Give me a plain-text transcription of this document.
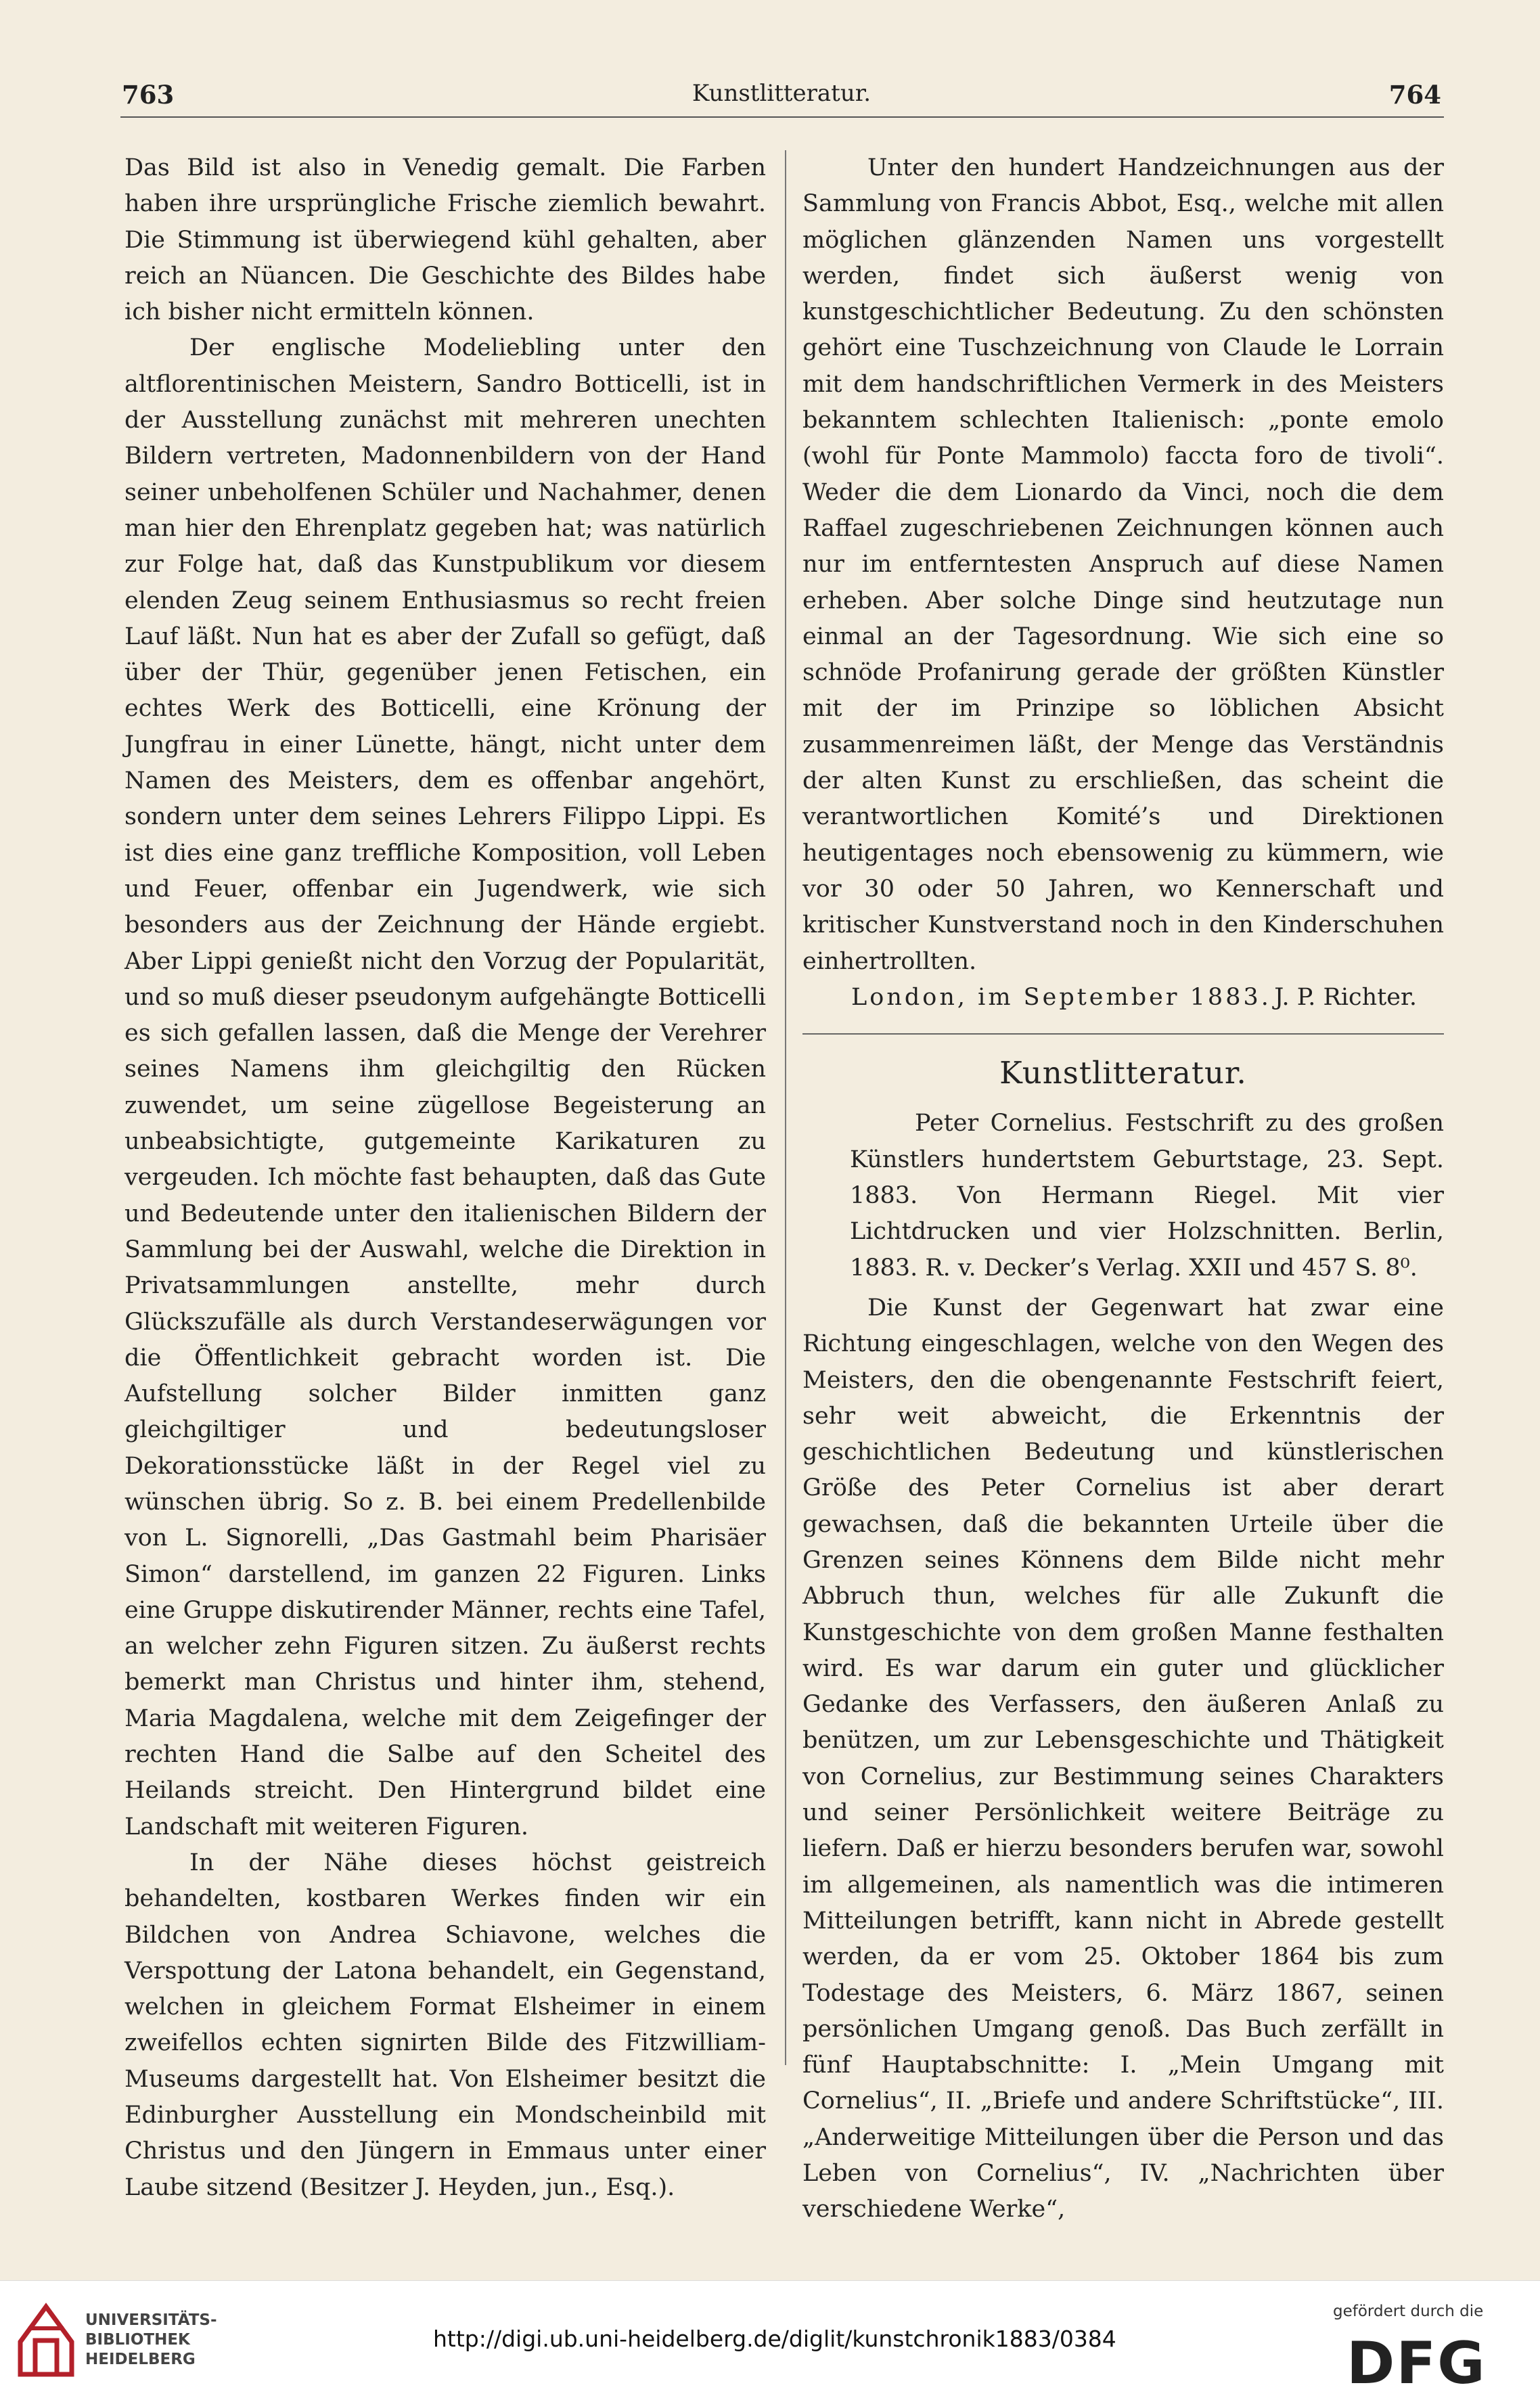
763	Kunstlitteratur.	764

Das Bild ist also in Venedig gemalt. Die Farben haben ihre ursprüngliche Frische ziemlich bewahrt. Die Stimmung ist überwiegend kühl gehalten, aber reich an Nüancen. Die Geschichte des Bildes habe ich bisher nicht ermitteln können.

Der englische Modeliebling unter den altflorentinischen Meistern, Sandro Botticelli, ist in der Ausstellung zunächst mit mehreren unechten Bildern vertreten, Madonnenbildern von der Hand seiner unbeholfenen Schüler und Nachahmer, denen man hier den Ehrenplatz gegeben hat; was natürlich zur Folge hat, daß das Kunstpublikum vor diesem elenden Zeug seinem Enthusiasmus so recht freien Lauf läßt. Nun hat es aber der Zufall so gefügt, daß über der Thür, gegenüber jenen Fetischen, ein echtes Werk des Botticelli, eine Krönung der Jungfrau in einer Lünette, hängt, nicht unter dem Namen des Meisters, dem es offenbar angehört, sondern unter dem seines Lehrers Filippo Lippi. Es ist dies eine ganz treffliche Komposition, voll Leben und Feuer, offenbar ein Jugendwerk, wie sich besonders aus der Zeichnung der Hände ergiebt. Aber Lippi genießt nicht den Vorzug der Popularität, und so muß dieser pseudonym aufgehängte Botticelli es sich gefallen lassen, daß die Menge der Verehrer seines Namens ihm gleichgiltig den Rücken zuwendet, um seine zügellose Begeisterung an unbeabsichtigte, gutgemeinte Karikaturen zu vergeuden. Ich möchte fast behaupten, daß das Gute und Bedeutende unter den italienischen Bildern der Sammlung bei der Auswahl, welche die Direktion in Privatsammlungen anstellte, mehr durch Glückszufälle als durch Verstandeserwägungen vor die Öffentlichkeit gebracht worden ist. Die Aufstellung solcher Bilder inmitten ganz gleichgiltiger und bedeutungsloser Dekorationsstücke läßt in der Regel viel zu wünschen übrig. So z. B. bei einem Predellenbilde von L. Signorelli, „Das Gastmahl beim Pharisäer Simon“ darstellend, im ganzen 22 Figuren. Links eine Gruppe diskutirender Männer, rechts eine Tafel, an welcher zehn Figuren sitzen. Zu äußerst rechts bemerkt man Christus und hinter ihm, stehend, Maria Magdalena, welche mit dem Zeigefinger der rechten Hand die Salbe auf den Scheitel des Heilands streicht. Den Hintergrund bildet eine Landschaft mit weiteren Figuren.

In der Nähe dieses höchst geistreich behandelten, kostbaren Werkes finden wir ein Bildchen von Andrea Schiavone, welches die Verspottung der Latona behandelt, ein Gegenstand, welchen in gleichem Format Elsheimer in einem zweifellos echten signirten Bilde des Fitzwilliam-Museums dargestellt hat. Von Elsheimer besitzt die Edinburgher Ausstellung ein Mondscheinbild mit Christus und den Jüngern in Emmaus unter einer Laube sitzend (Besitzer J. Heyden, jun., Esq.).

Unter den hundert Handzeichnungen aus der Sammlung von Francis Abbot, Esq., welche mit allen möglichen glänzenden Namen uns vorgestellt werden, findet sich äußerst wenig von kunstgeschichtlicher Bedeutung. Zu den schönsten gehört eine Tuschzeichnung von Claude le Lorrain mit dem handschriftlichen Vermerk in des Meisters bekanntem schlechten Italienisch: „ponte emolo (wohl für Ponte Mammolo) faccta foro de tivoli“. Weder die dem Lionardo da Vinci, noch die dem Raffael zugeschriebenen Zeichnungen können auch nur im entferntesten Anspruch auf diese Namen erheben. Aber solche Dinge sind heutzutage nun einmal an der Tagesordnung. Wie sich eine so schnöde Profanirung gerade der größten Künstler mit der im Prinzipe so löblichen Absicht zusammenreimen läßt, der Menge das Verständnis der alten Kunst zu erschließen, das scheint die verantwortlichen Komité’s und Direktionen heutigentages noch ebensowenig zu kümmern, wie vor 30 oder 50 Jahren, wo Kennerschaft und kritischer Kunstverstand noch in den Kinderschuhen einhertrollten.

London, im September 1883. J. P. Richter.
Kunstlitteratur.

Peter Cornelius. Festschrift zu des großen Künstlers hundertstem Geburtstage, 23. Sept. 1883. Von Hermann Riegel. Mit vier Lichtdrucken und vier Holzschnitten. Berlin, 1883. R. v. Decker’s Verlag. XXII und 457 S. 8⁰.

Die Kunst der Gegenwart hat zwar eine Richtung eingeschlagen, welche von den Wegen des Meisters, den die obengenannte Festschrift feiert, sehr weit abweicht, die Erkenntnis der geschichtlichen Bedeutung und künstlerischen Größe des Peter Cornelius ist aber derart gewachsen, daß die bekannten Urteile über die Grenzen seines Könnens dem Bilde nicht mehr Abbruch thun, welches für alle Zukunft die Kunstgeschichte von dem großen Manne festhalten wird. Es war darum ein guter und glücklicher Gedanke des Verfassers, den äußeren Anlaß zu benützen, um zur Lebensgeschichte und Thätigkeit von Cornelius, zur Bestimmung seines Charakters und seiner Persönlichkeit weitere Beiträge zu liefern. Daß er hierzu besonders berufen war, sowohl im allgemeinen, als namentlich was die intimeren Mitteilungen betrifft, kann nicht in Abrede gestellt werden, da er vom 25. Oktober 1864 bis zum Todestage des Meisters, 6. März 1867, seinen persönlichen Umgang genoß. Das Buch zerfällt in fünf Hauptabschnitte: I. „Mein Umgang mit Cornelius“, II. „Briefe und andere Schriftstücke“, III. „Anderweitige Mitteilungen über die Person und das Leben von Cornelius“, IV. „Nachrichten über verschiedene Werke“,

UNIVERSITÄTS-
BIBLIOTHEK
HEIDELBERG
http://digi.ub.uni-heidelberg.de/diglit/kunstchronik1883/0384
gefördert durch die
DFG
